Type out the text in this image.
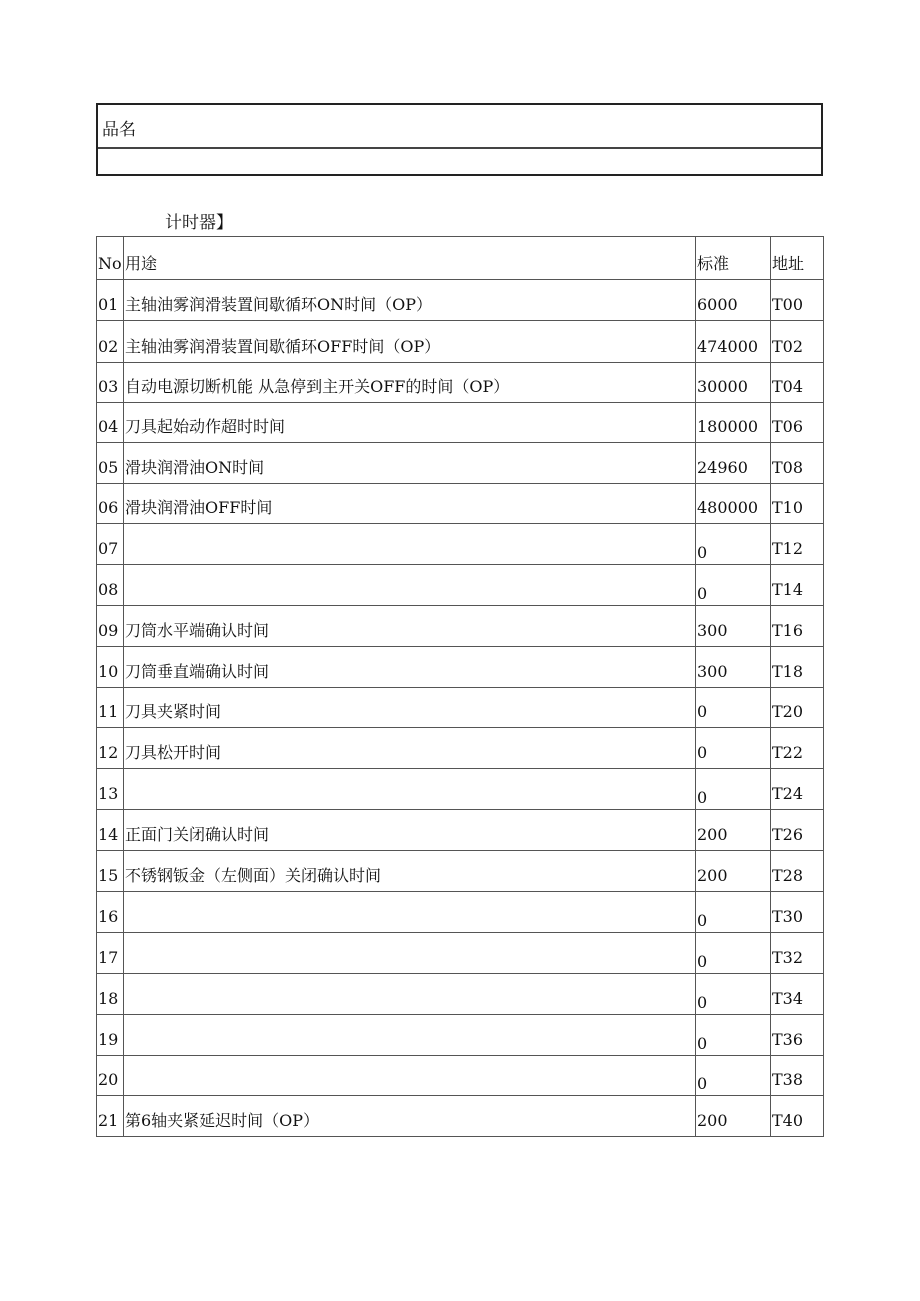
品名
计时器】
No	用途	标准	地址
01	主轴油雾润滑装置间歇循环ON时间（OP）	6000	T00
02	主轴油雾润滑装置间歇循环OFF时间（OP）	474000	T02
03	自动电源切断机能 从急停到主开关OFF的时间（OP）	30000	T04
04	刀具起始动作超时时间	180000	T06
05	滑块润滑油ON时间	24960	T08
06	滑块润滑油OFF时间	480000	T10
07		0	T12
08		0	T14
09	刀筒水平端确认时间	300	T16
10	刀筒垂直端确认时间	300	T18
11	刀具夹紧时间	0	T20
12	刀具松开时间	0	T22
13		0	T24
14	正面门关闭确认时间	200	T26
15	不锈钢钣金（左侧面）关闭确认时间	200	T28
16		0	T30
17		0	T32
18		0	T34
19		0	T36
20		0	T38
21	第6轴夹紧延迟时间（OP）	200	T40
